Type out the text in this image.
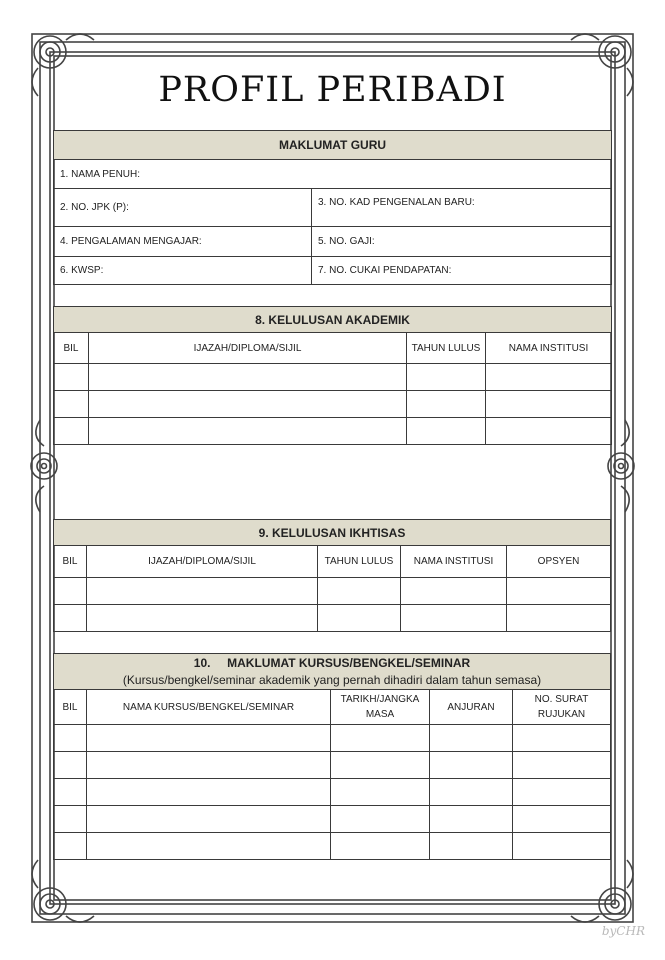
PROFIL PERIBADI
MAKLUMAT GURU	
1. NAMA PENUH:	
2. NO. JPK (P):	3. NO. KAD PENGENALAN BARU:
4. PENGALAMAN MENGAJAR:	5. NO. GAJI:
6. KWSP:	7. NO. CUKAI PENDAPATAN:
8. KELULUSAN AKADEMIK			
BIL	IJAZAH/DIPLOMA/SIJIL	TAHUN LULUS	NAMA INSTITUSI

9. KELULUSAN IKHTISAS				
BIL	IJAZAH/DIPLOMA/SIJIL	TAHUN LULUS	NAMA INSTITUSI	OPSYEN

10.     MAKLUMAT KURSUS/BENGKEL/SEMINAR
(Kursus/bengkel/seminar akademik yang pernah dihadiri dalam tahun semasa)				

BIL	NAMA KURSUS/BENGKEL/SEMINAR	TARIKH/JANGKA MASA	ANJURAN	NO. SURAT RUJUKAN

byCHR
